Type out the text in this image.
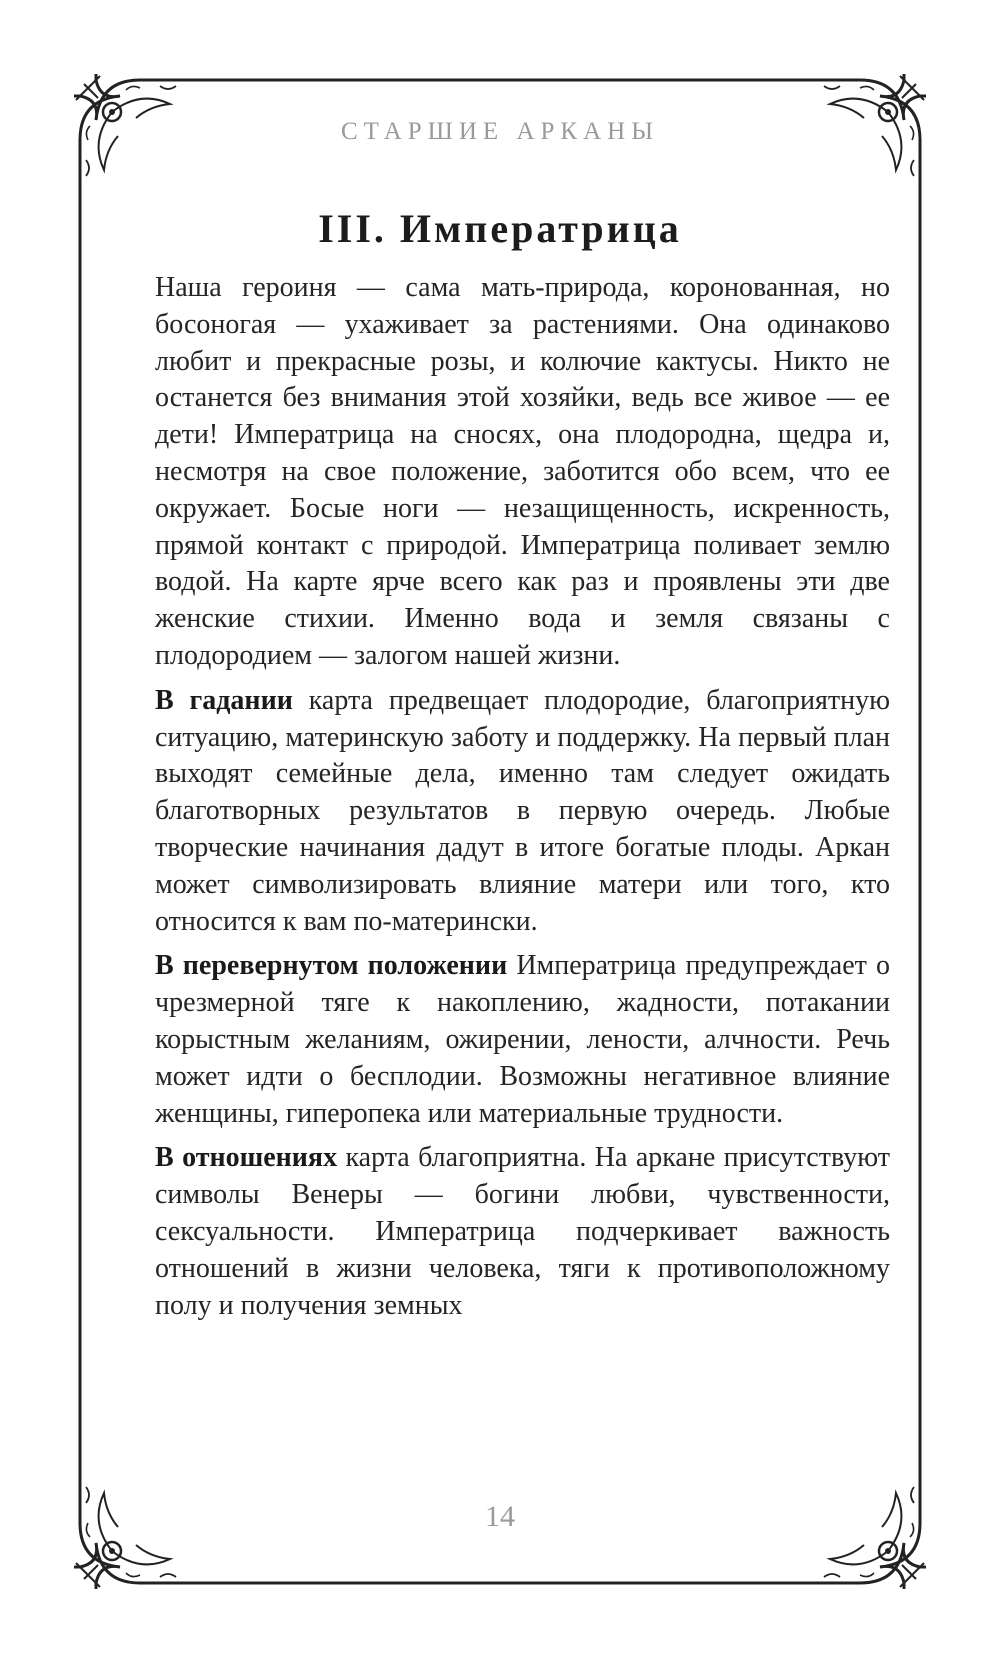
СТАРШИЕ АРКАНЫ
III. Императрица

Наша героиня — сама мать-природа, коронованная, но босоногая — ухаживает за растениями. Она одинаково любит и прекрасные розы, и колючие кактусы. Никто не останется без внимания этой хозяйки, ведь все живое — ее дети! Императрица на сносях, она плодородна, щедра и, несмотря на свое положение, заботится обо всем, что ее окружает. Босые ноги — незащищенность, искренность, прямой контакт с природой. Императрица поливает землю водой. На карте ярче всего как раз и проявлены эти две женские стихии. Именно вода и земля связаны с плодородием — залогом нашей жизни.

В гадании карта предвещает плодородие, благоприятную ситуацию, материнскую заботу и поддержку. На первый план выходят семейные дела, именно там следует ожидать благотворных результатов в первую очередь. Любые творческие начинания дадут в итоге богатые плоды. Аркан может символизировать влияние матери или того, кто относится к вам по-матерински.

В перевернутом положении Императрица предупреждает о чрезмерной тяге к накоплению, жадности, потакании корыстным желаниям, ожирении, лености, алчности. Речь может идти о бесплодии. Возможны негативное влияние женщины, гиперопека или материальные трудности.

В отношениях карта благоприятна. На аркане присутствуют символы Венеры — богини любви, чувственности, сексуальности. Императрица подчеркивает важность отношений в жизни человека, тяги к противоположному полу и получения земных

14
